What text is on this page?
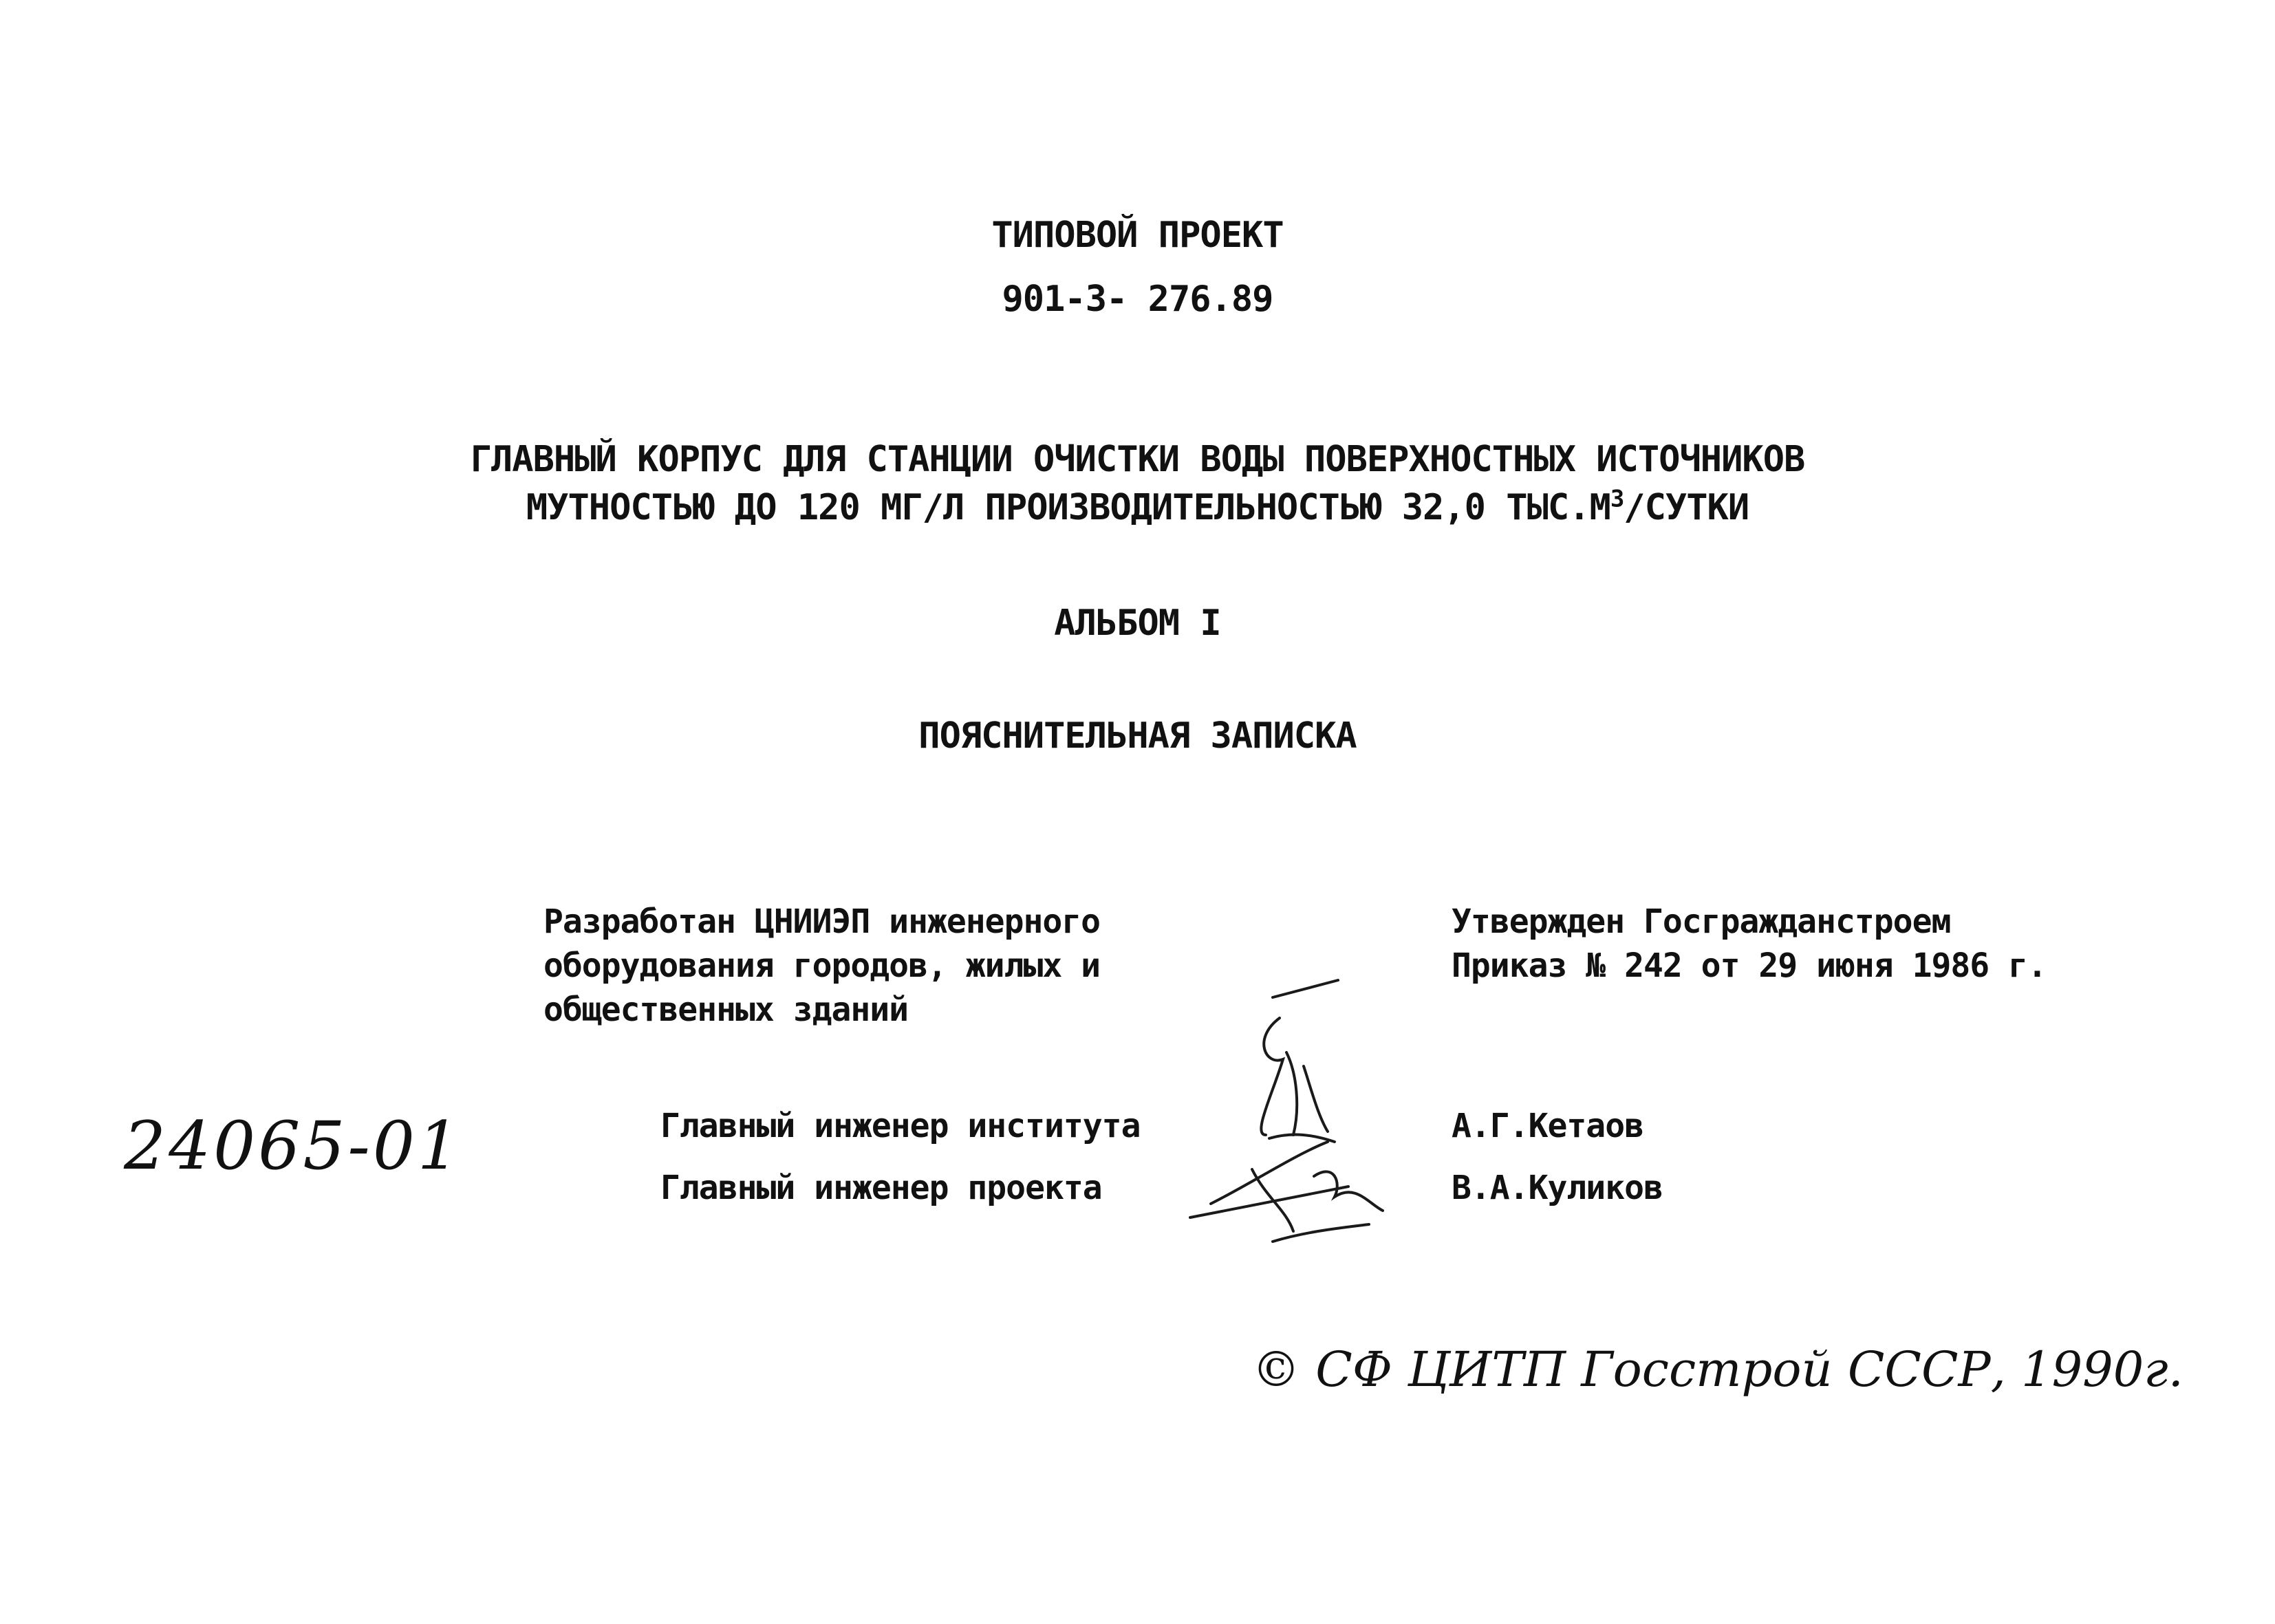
ТИПОВОЙ ПРОЕКТ
901-3- 276.89
ГЛАВНЫЙ КОРПУС ДЛЯ СТАНЦИИ ОЧИСТКИ ВОДЫ ПОВЕРХНОСТНЫХ ИСТОЧНИКОВ
МУТНОСТЬЮ ДО 120 МГ/Л ПРОИЗВОДИТЕЛЬНОСТЬЮ 32,0 $ТЫС.М^3$/СУТКИ
АЛЬБОМ I
ПОЯСНИТЕЛЬНАЯ ЗАПИСКА
Разработан ЦНИИЭП инженерного
оборудования городов, жилых и
общественных зданий
Утвержден Госгражданстроем
Приказ № 242 от 29 июня 1986 г.
Главный инженер института
Главный инженер проекта
А.Г.Кетаов
В.А.Куликов
24065-01
© СФ ЦИТП Госстрой СССР, 1990г.
